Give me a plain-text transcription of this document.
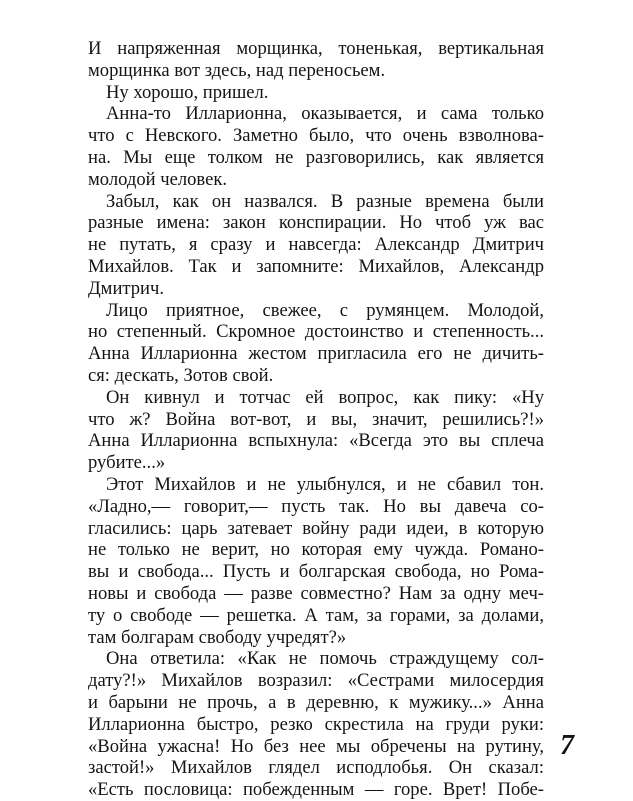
И напряженная морщинка, тоненькая, вертикальная
морщинка вот здесь, над переносьем.
Ну хорошо, пришел.
Анна-то Илларионна, оказывается, и сама только
что с Невского. Заметно было, что очень взволнова-
на. Мы еще толком не разговорились, как является
молодой человек.
Забыл, как он назвался. В разные времена были
разные имена: закон конспирации. Но чтоб уж вас
не путать, я сразу и навсегда: Александр Дмитрич
Михайлов. Так и запомните: Михайлов, Александр
Дмитрич.
Лицо приятное, свежее, с румянцем. Молодой,
но степенный. Скромное достоинство и степенность...
Анна Илларионна жестом пригласила его не дичить-
ся: дескать, Зотов свой.
Он кивнул и тотчас ей вопрос, как пику: «Ну
что ж? Война вот-вот, и вы, значит, решились?!»
Анна Илларионна вспыхнула: «Всегда это вы сплеча
рубите...»
Этот Михайлов и не улыбнулся, и не сбавил тон.
«Ладно,— говорит,— пусть так. Но вы давеча со-
гласились: царь затевает войну ради идеи, в которую
не только не верит, но которая ему чужда. Романо-
вы и свобода... Пусть и болгарская свобода, но Рома-
новы и свобода — разве совместно? Нам за одну меч-
ту о свободе — решетка. А там, за горами, за долами,
там болгарам свободу учредят?»
Она ответила: «Как не помочь страждущему сол-
дату?!» Михайлов возразил: «Сестрами милосердия
и барыни не прочь, а в деревню, к мужику...» Анна
Илларионна быстро, резко скрестила на груди руки:
«Война ужасна! Но без нее мы обречены на рутину,
застой!» Михайлов глядел исподлобья. Он сказал:
«Есть пословица: побежденным — горе. Врет! Побе-
7
